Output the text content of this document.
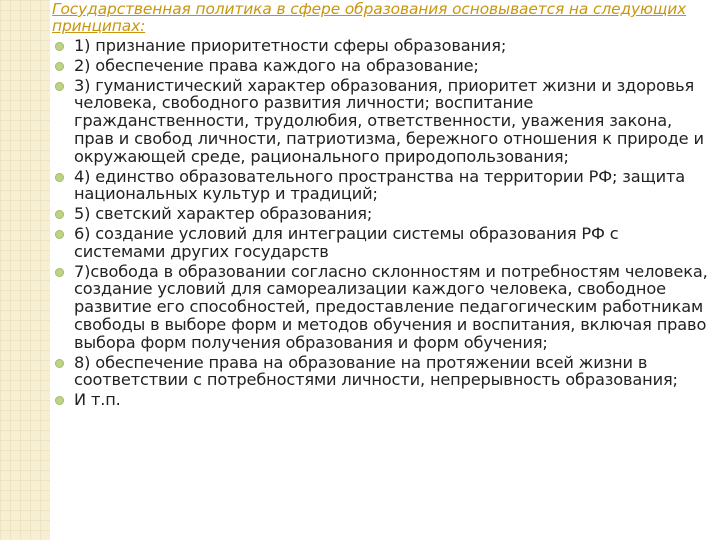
Государственная политика в сфере образования основывается на следующих принципах:

1) признание приоритетности сферы образования;
2) обеспечение права каждого на образование;
3) гуманистический характер образования, приоритет жизни и здоровья человека, свободного развития личности; воспитание гражданственности, трудолюбия, ответственности, уважения закона, прав и свобод личности, патриотизма, бережного отношения к природе и окружающей среде, рационального природопользования;
4) единство образовательного пространства на территории РФ; защита национальных культур и традиций;
5) светский характер образования;
6) создание условий для интеграции системы образования РФ с системами других государств
7)свобода в образовании согласно склонностям и потребностям человека, создание условий для самореализации каждого человека, свободное развитие его способностей, предоставление педагогическим работникам свободы в выборе форм и методов обучения и воспитания, включая право выбора форм получения образования и форм обучения;
8) обеспечение права на образование на протяжении всей жизни в соответствии с потребностями личности, непрерывность образования;
И т.п.
